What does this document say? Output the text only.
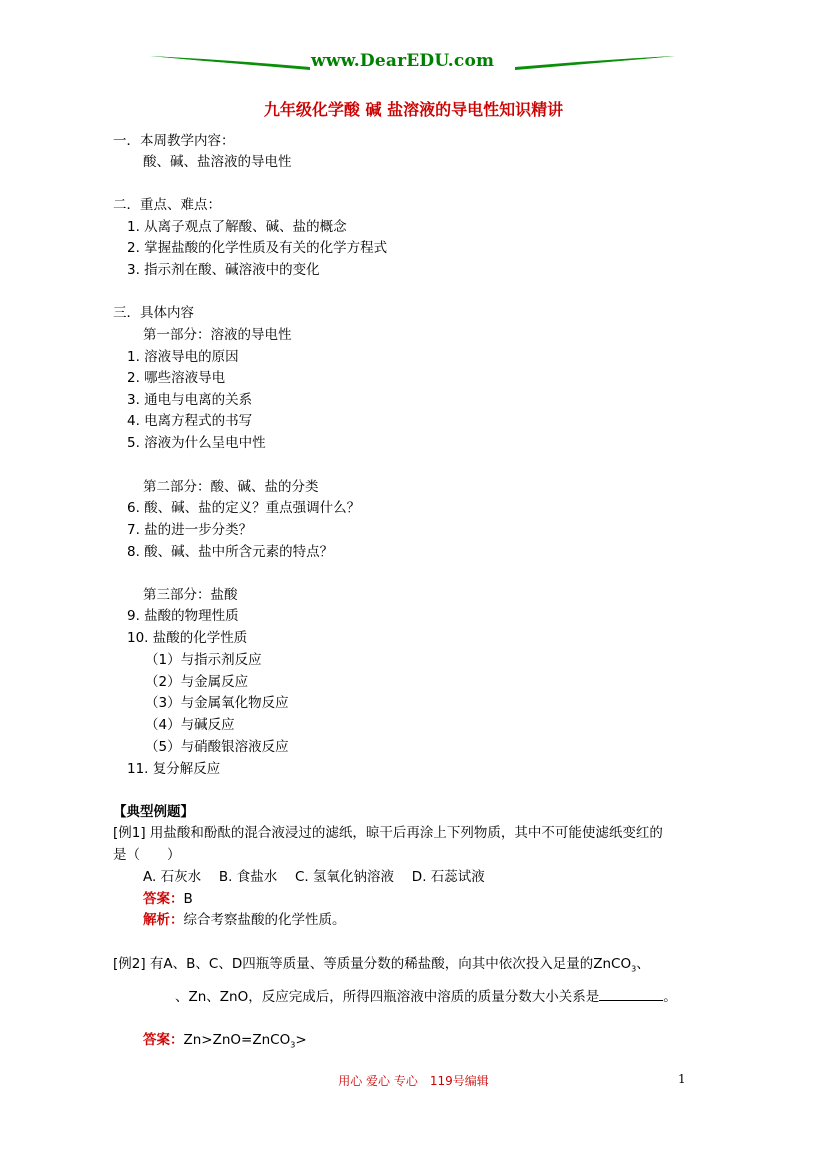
www.DearEDU.com
九年级化学酸 碱 盐溶液的导电性知识精讲
一．本周教学内容：
酸、碱、盐溶液的导电性
二．重点、难点：
1. 从离子观点了解酸、碱、盐的概念
2. 掌握盐酸的化学性质及有关的化学方程式
3. 指示剂在酸、碱溶液中的变化
三．具体内容
第一部分：溶液的导电性
1. 溶液导电的原因
2. 哪些溶液导电
3. 通电与电离的关系
4. 电离方程式的书写
5. 溶液为什么呈电中性
第二部分：酸、碱、盐的分类
6. 酸、碱、盐的定义？重点强调什么？
7. 盐的进一步分类？
8. 酸、碱、盐中所含元素的特点？
第三部分：盐酸
9. 盐酸的物理性质
10. 盐酸的化学性质
（1）与指示剂反应
（2）与金属反应
（3）与金属氧化物反应
（4）与碱反应
（5）与硝酸银溶液反应
11. 复分解反应
【典型例题】
[例1] 用盐酸和酚酞的混合液浸过的滤纸，晾干后再涂上下列物质，其中不可能使滤纸变红的
是（　　）
A. 石灰水　 B. 食盐水　 C. 氢氧化钠溶液　 D. 石蕊试液
答案：B
解析：综合考察盐酸的化学性质。
[例2] 有A、B、C、D四瓶等质量、等质量分数的稀盐酸，向其中依次投入足量的ZnCO$_3$、
、Zn、ZnO，反应完成后，所得四瓶溶液中溶质的质量分数大小关系是	。
答案：Zn>ZnO=ZnCO$_3$>
用心 爱心 专心　119号编辑	1
